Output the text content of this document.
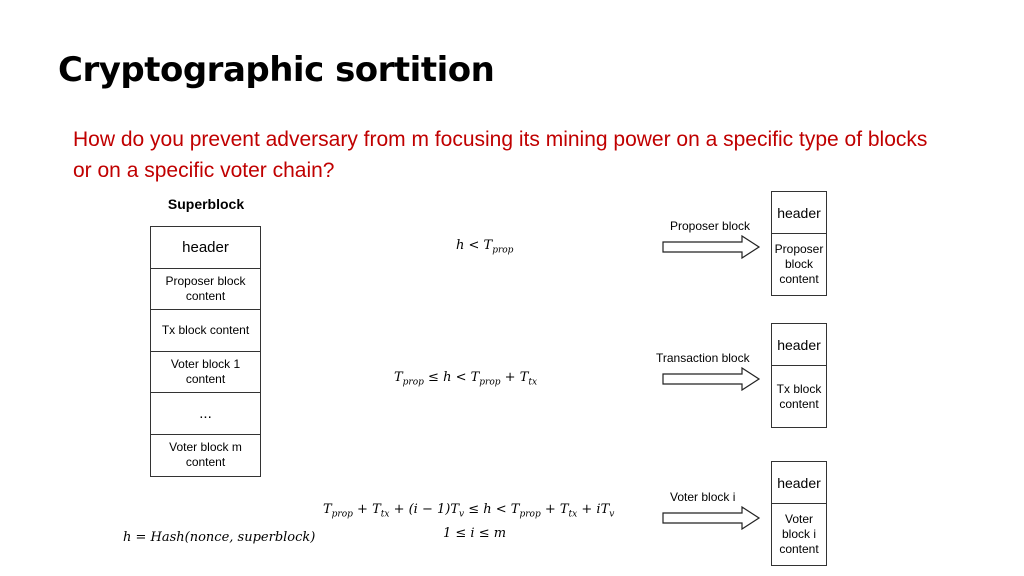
Cryptographic sortition
How do you prevent adversary from m focusing its mining power on a specific type of blocks or on a specific voter chain?
Superblock
header
Proposer block content
Tx block content
Voter block 1 content
...
Voter block m content
$h < T_{prop}$
$T_{prop} \le h < T_{prop} + T_{tx}$
$T_{prop} + T_{tx} + (i - 1)T_v \le h < T_{prop} + T_{tx} + iT_v$
1 ≤ i ≤ m
h = Hash(nonce, superblock)
Proposer block
Transaction block
Voter block i
header
Proposer block content
header
Tx block content
header
Voter block i content
